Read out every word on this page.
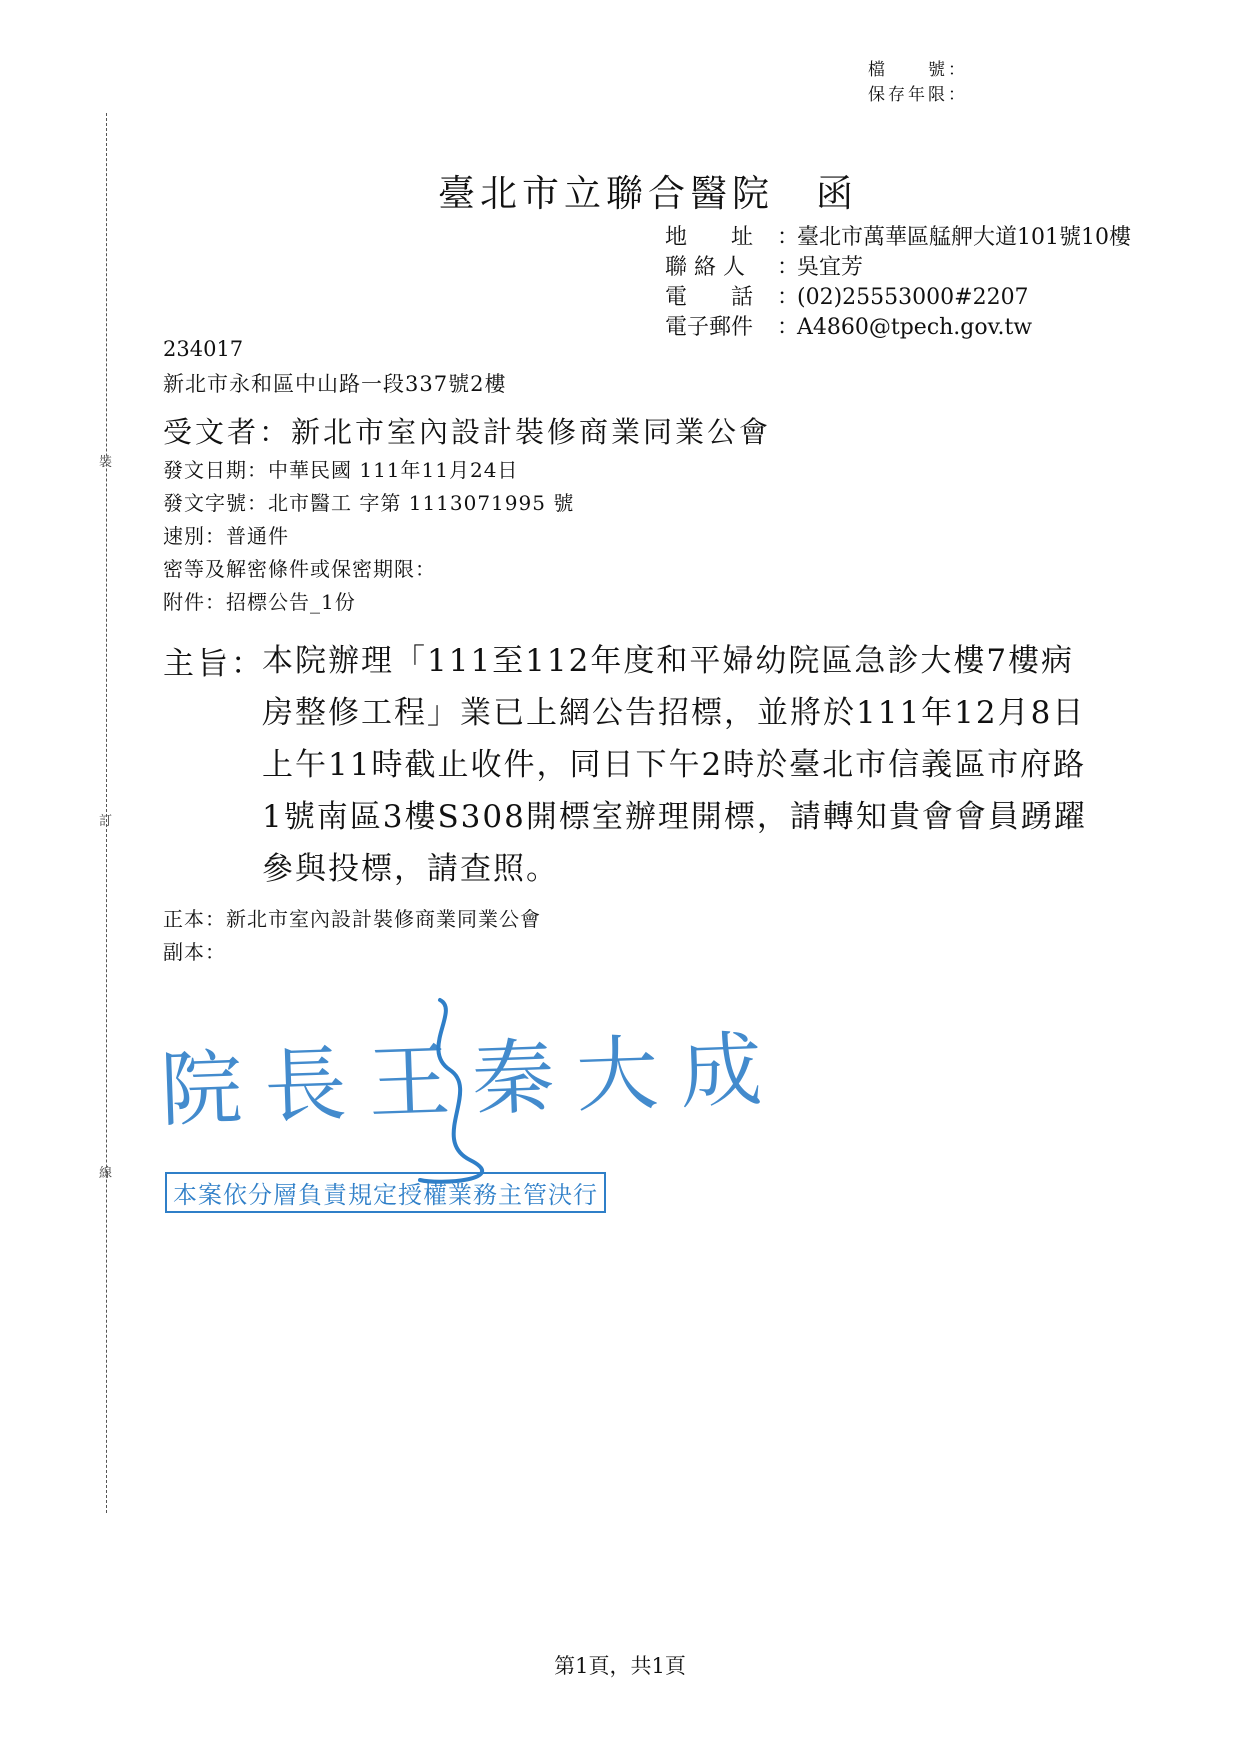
檔　　號：
保存年限：
裝
訂
線
臺北市立聯合醫院　函
地　　址	：
臺北市萬華區艋舺大道101號10樓
聯 絡 人	：
吳宜芳
電　　話	：
(02)25553000#2207
電子郵件	：
A4860@tpech.gov.tw
234017
新北市永和區中山路一段337號2樓
受文者：新北市室內設計裝修商業同業公會
發文日期：中華民國 111年11月24日
發文字號：北市醫工 字第 1113071995 號
速別：普通件
密等及解密條件或保密期限：
附件：招標公告_1份
主旨：
本院辦理「111至112年度和平婦幼院區急診大樓7樓病房整修工程」業已上網公告招標，並將於111年12月8日上午11時截止收件，同日下午2時於臺北市信義區市府路1號南區3樓S308開標室辦理開標，請轉知貴會會員踴躍參與投標，請查照。
正本：新北市室內設計裝修商業同業公會
副本：
院長王秦大成
本案依分層負責規定授權業務主管決行
第1頁，共1頁
